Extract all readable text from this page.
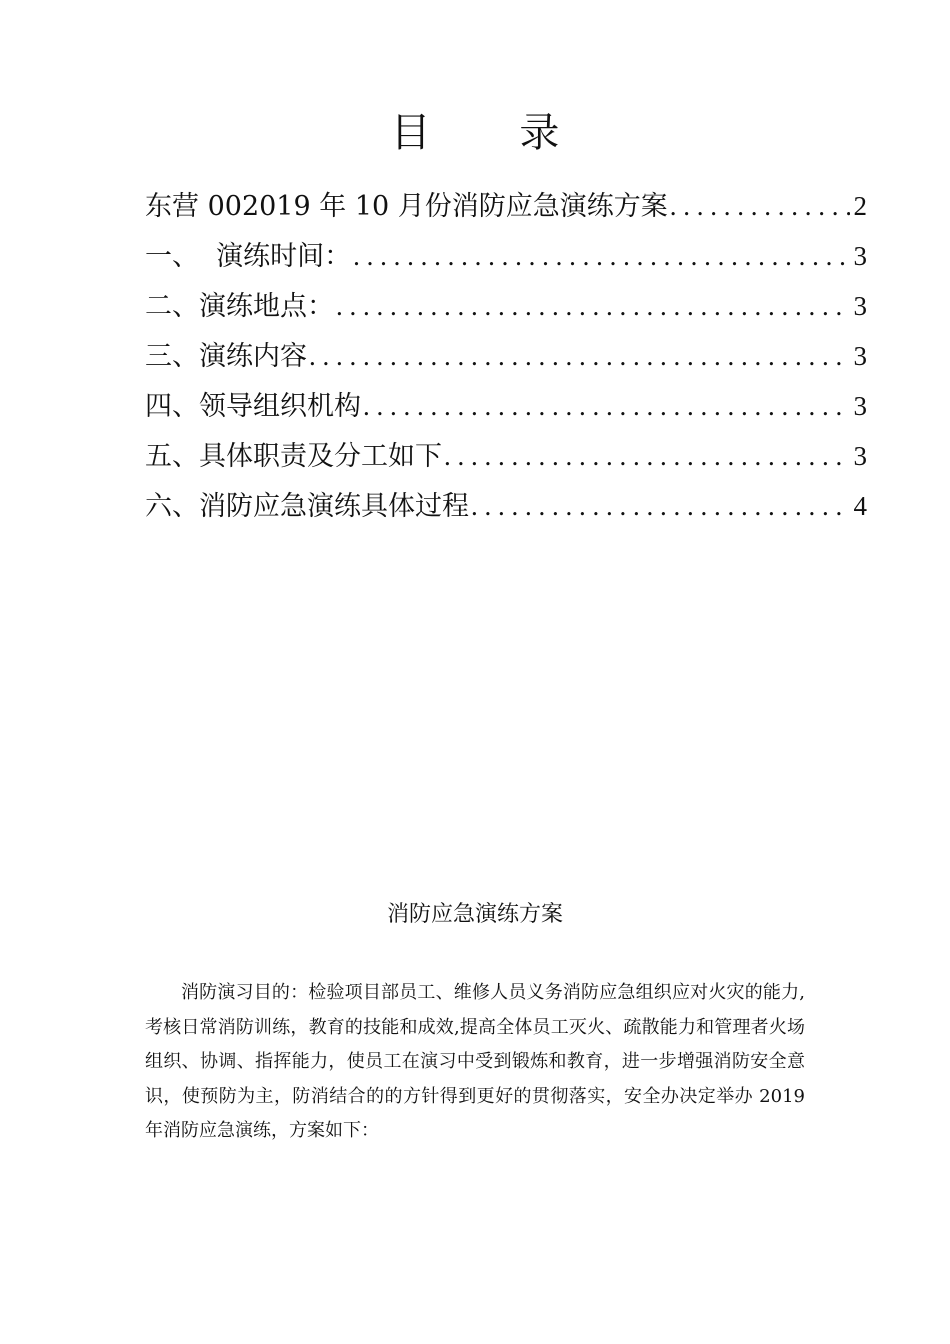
目 录
东营 002019 年 10 月份消防应急演练方案 . . .	2
一、  演练时间： . . .	3
二、演练地点： . . .	3
三、演练内容 . . .	3
四、领导组织机构 . . .	3
五、具体职责及分工如下 . . .	3
六、消防应急演练具体过程 . . .	4
消防应急演练方案

消防演习目的：检验项目部员工、维修人员义务消防应急组织应对火灾的能力,考核日常消防训练，教育的技能和成效,提高全体员工灭火、疏散能力和管理者火场组织、协调、指挥能力，使员工在演习中受到锻炼和教育，进一步增强消防安全意识，使预防为主，防消结合的的方针得到更好的贯彻落实，安全办决定举办 2019 年消防应急演练，方案如下：
